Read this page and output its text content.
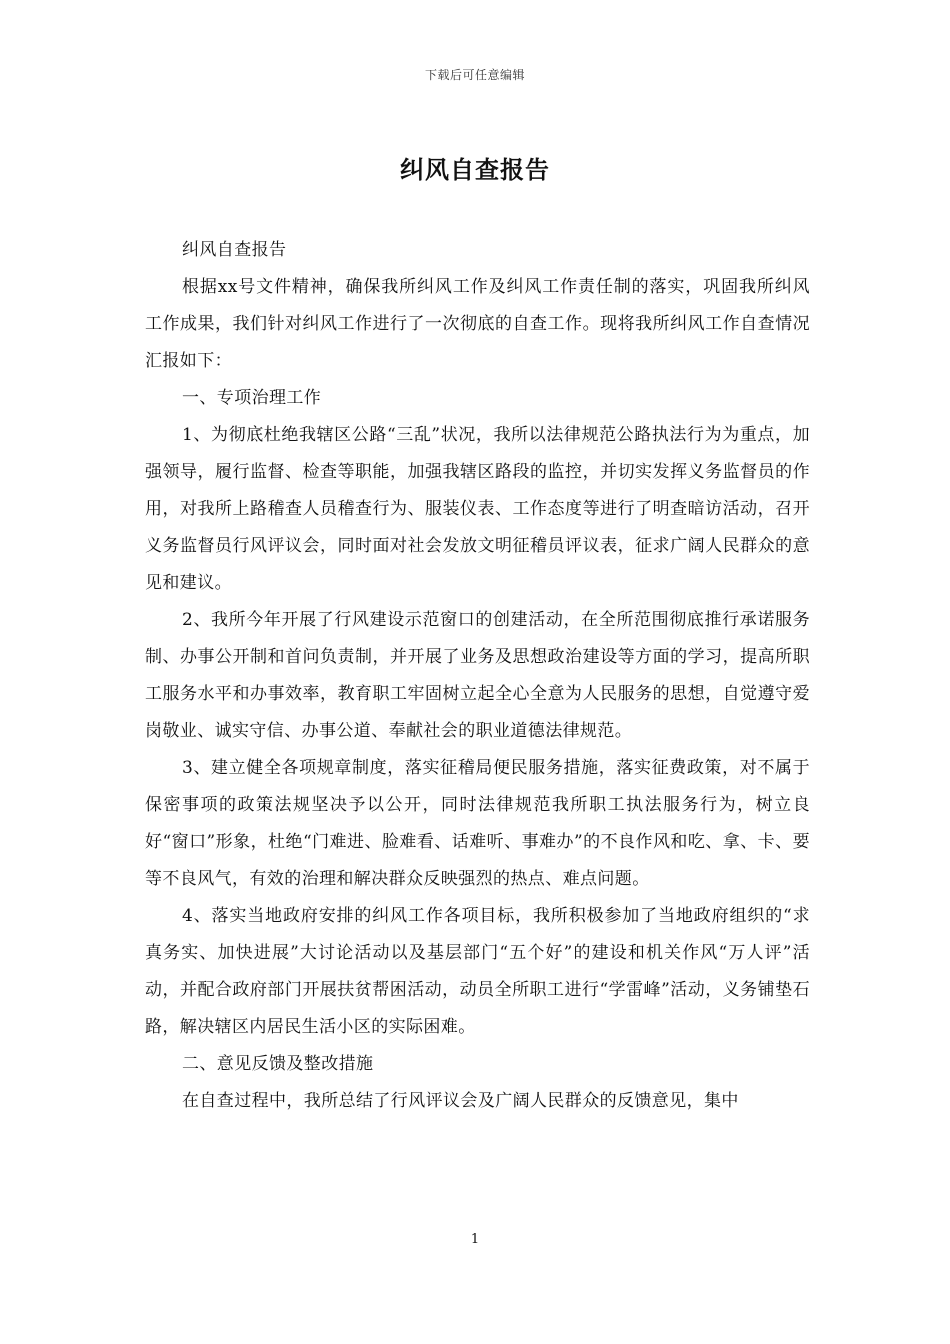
下载后可任意编辑
纠风自查报告

纠风自查报告

根据xx号文件精神，确保我所纠风工作及纠风工作责任制的落实，巩固我所纠风工作成果，我们针对纠风工作进行了一次彻底的自查工作。现将我所纠风工作自查情况汇报如下：

一、专项治理工作

1、为彻底杜绝我辖区公路“三乱”状况，我所以法律规范公路执法行为为重点，加强领导，履行监督、检查等职能，加强我辖区路段的监控，并切实发挥义务监督员的作用，对我所上路稽查人员稽查行为、服装仪表、工作态度等进行了明查暗访活动，召开义务监督员行风评议会，同时面对社会发放文明征稽员评议表，征求广阔人民群众的意见和建议。

2、我所今年开展了行风建设示范窗口的创建活动，在全所范围彻底推行承诺服务制、办事公开制和首问负责制，并开展了业务及思想政治建设等方面的学习，提高所职工服务水平和办事效率，教育职工牢固树立起全心全意为人民服务的思想，自觉遵守爱岗敬业、诚实守信、办事公道、奉献社会的职业道德法律规范。

3、建立健全各项规章制度，落实征稽局便民服务措施，落实征费政策，对不属于保密事项的政策法规坚决予以公开，同时法律规范我所职工执法服务行为，树立良好“窗口”形象，杜绝“门难进、脸难看、话难听、事难办”的不良作风和吃、拿、卡、要等不良风气，有效的治理和解决群众反映强烈的热点、难点问题。

4、落实当地政府安排的纠风工作各项目标，我所积极参加了当地政府组织的“求真务实、加快进展”大讨论活动以及基层部门“五个好”的建设和机关作风“万人评”活动，并配合政府部门开展扶贫帮困活动，动员全所职工进行“学雷峰”活动，义务铺垫石路，解决辖区内居民生活小区的实际困难。

二、意见反馈及整改措施

在自查过程中，我所总结了行风评议会及广阔人民群众的反馈意见，集中

1
